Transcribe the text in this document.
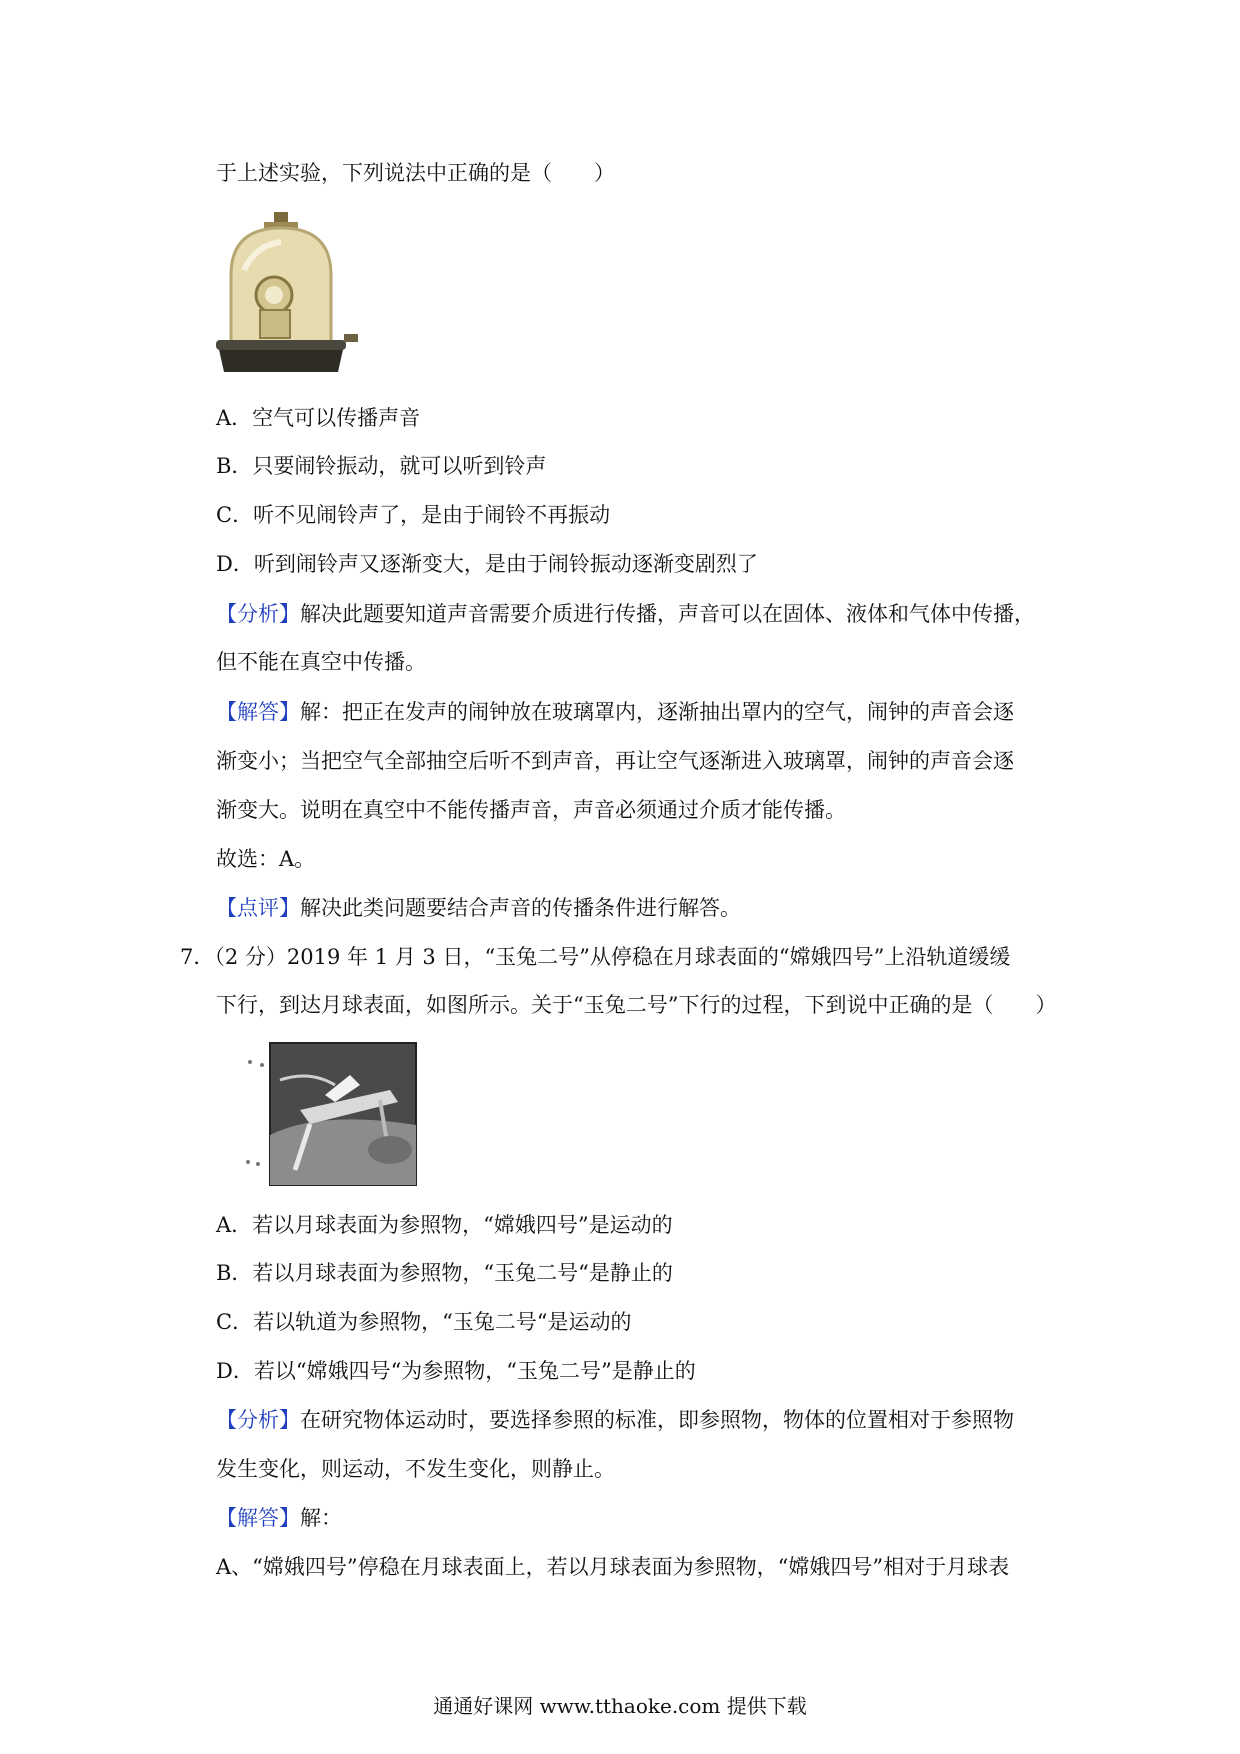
于上述实验，下列说法中正确的是（　　）
A．空气可以传播声音
B．只要闹铃振动，就可以听到铃声
C．听不见闹铃声了，是由于闹铃不再振动
D．听到闹铃声又逐渐变大，是由于闹铃振动逐渐变剧烈了
【分析】解决此题要知道声音需要介质进行传播，声音可以在固体、液体和气体中传播，
但不能在真空中传播。
【解答】解：把正在发声的闹钟放在玻璃罩内，逐渐抽出罩内的空气，闹钟的声音会逐
渐变小；当把空气全部抽空后听不到声音，再让空气逐渐进入玻璃罩，闹钟的声音会逐
渐变大。说明在真空中不能传播声音，声音必须通过介质才能传播。
故选：A。
【点评】解决此类问题要结合声音的传播条件进行解答。
7．（2 分）2019 年 1 月 3 日，“玉兔二号”从停稳在月球表面的“嫦娥四号”上沿轨道缓缓
下行，到达月球表面，如图所示。关于“玉兔二号”下行的过程，下到说中正确的是（　　）
A．若以月球表面为参照物，“嫦娥四号”是运动的
B．若以月球表面为参照物，“玉兔二号“是静止的
C．若以轨道为参照物，“玉兔二号“是运动的
D．若以“嫦娥四号“为参照物，“玉兔二号”是静止的
【分析】在研究物体运动时，要选择参照的标准，即参照物，物体的位置相对于参照物
发生变化，则运动，不发生变化，则静止。
【解答】解：
A、“嫦娥四号”停稳在月球表面上，若以月球表面为参照物，“嫦娥四号”相对于月球表
通通好课网 www.tthaoke.com 提供下载
